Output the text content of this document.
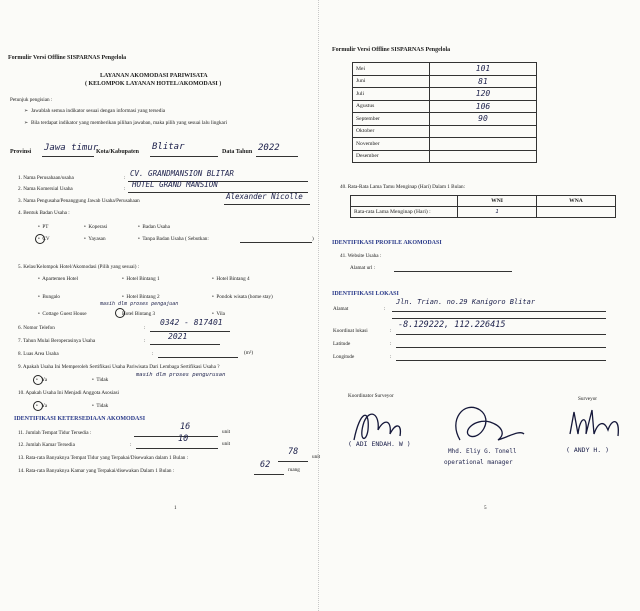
Formulir Versi Offline SISPARNAS Pengelola
LAYANAN AKOMODASI PARIWISATA
( KELOMPOK LAYANAN HOTEL/AKOMODASI )
Petunjuk pengisian :
➢  Jawablah semua indikator sesuai dengan informasi yang tersedia
➢  Bila terdapat indikator yang memberikan pilihan jawaban, maka pilih yang sesuai lalu lingkari
Provinsi Jawa timur
Kota/Kabupaten Blitar	Data Tahun 2022
1. Nama Perusahaan/usaha	: CV. GRANDMANSION BLITAR
2. Nama Komersial Usaha	: HOTEL GRAND MANSION
3. Nama Pengusaha/Penanggung Jawab Usaha/Perusahaan	Alexander Nicolle
4. Bentuk Badan Usaha :
•  PT	•  Koperasi	•  Badan Usaha
•  CV	•  Yayasan	•  Tanpa Badan Usaha ( Sebutkan:	)
5. Kelas/Kelompok Hotel/Akomodasi (Pilih yang sesuai) :
•  Apartemen Hotel	•  Hotel Bintang 1	•  Hotel Bintang 4
•  Bungalo	•  Hotel Bintang 2	•  Pondok wisata (home stay)
masih dlm proses pengajuan
•  Cottage Guest House	Hotel Bintang 3	•  Vila
6. Nomor Telefon	:
0342 - 817401
7. Tahun Mulai Beroperasinya Usaha	:	2021
8. Luas Area Usaha	:	(m²)
9. Apakah Usaha Ini Memperoleh Sertifikasi Usaha Pariwisata Dari Lembaga Sertifikasi Usaha ?
•   Ya	•  Tidak
masih dlm proses pengurusan
10. Apakah Usaha Ini Menjadi Anggota Asosiasi
•   Ya	•  Tidak
IDENTIFIKASI KETERSEDIAAN AKOMODASI
11. Jumlah Tempat Tidur Tersedia :
16	unit
12. Jumlah Kamar Tersedia	:
10	unit
13. Rata-rata Banyaknya Tempat Tidur yang Terpakai/Disewakan dalam 1 Bulan :
78	unit
14. Rata-rata Banyaknya Kamar yang Terpakai/disewakan Dalam 1 Bulan :
62	ruang
1
Formulir Versi Offline SISPARNAS Pengelola
Mei	101
Juni	81
Juli	120
Agustus	106
September	90
Oktober	
November	
Desember	
40. Rata-Rata Lama Tamu Menginap (Hari) Dalam 1 Bulan:
	WNI	WNA
Rata-rata Lama Menginap (Hari) :	1	
IDENTIFIKASI PROFILE AKOMODASI
41. Website Usaha :
Alamat url :
IDENTIFIKASI LOKASI
Alamat	:
Jln. Trian. no.29 Kanigoro Blitar
Koordinat lokasi	:
-8.129222, 112.226415
Latitude	:
Longitude	:
Koordinator Surveyor	Surveyor
( ADI ENDAH. W )
Mhd. Eliy G. Tonell
operational manager
( ANDY H. )
5
